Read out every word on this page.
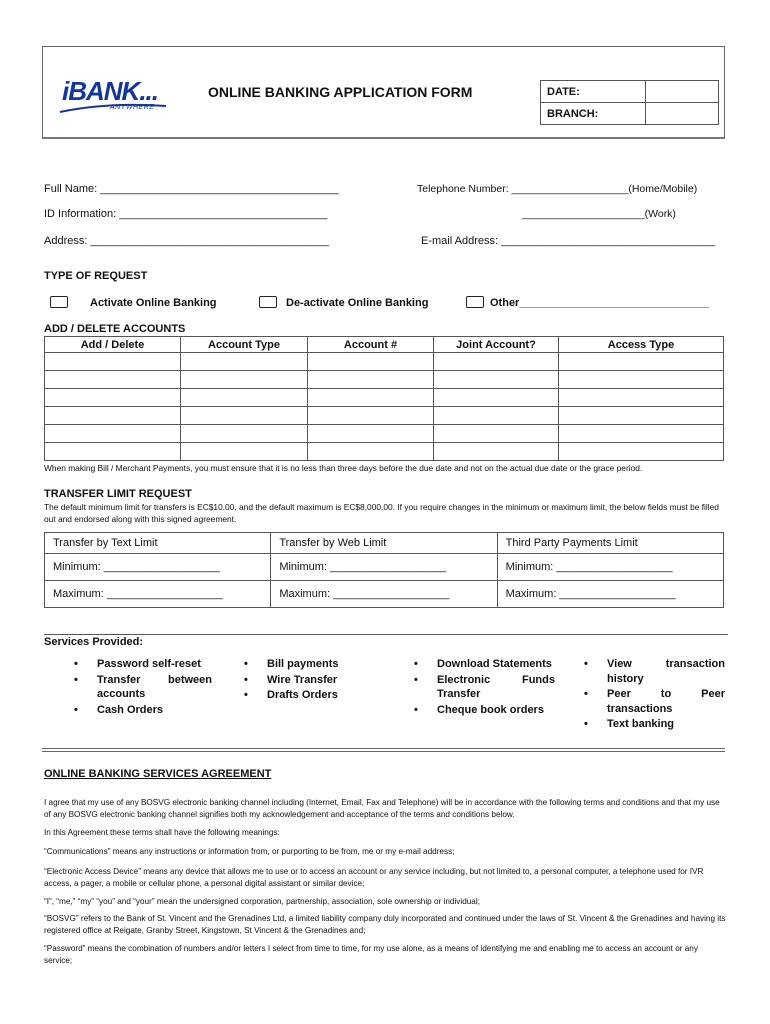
iBANK...
ANYWHERE
ONLINE BANKING APPLICATION FORM	DATE:	
BRANCH:	
Full Name: _______________________________________	Telephone Number: ____________________(Home/Mobile)
ID Information: __________________________________	_____________________(Work)
Address: _______________________________________	E-mail Address: ___________________________________
TYPE OF REQUEST
Activate Online Banking	De-activate Online Banking	Other_______________________________
ADD / DELETE ACCOUNTS
Add / Delete	Account Type	Account #	Joint Account?	Access Type

When making Bill / Merchant Payments, you must ensure that it is no less than three days before the due date and not on the actual due date or the grace period.
TRANSFER LIMIT REQUEST
The default minimum limit for transfers is EC$10.00, and the default maximum is EC$8,000.00. If you require changes in the minimum or maximum limit, the below fields must be filled out and endorsed along with this signed agreement.
Transfer by Text Limit	Transfer by Web Limit	Third Party Payments Limit
Minimum: ___________________	Minimum: ___________________	Minimum: ___________________
Maximum: ___________________	Maximum: ___________________	Maximum: ___________________
Services Provided:
• Password self-reset
• Transfer between accounts
• Cash Orders
• Bill payments
• Wire Transfer
• Drafts Orders
• Download Statements
• Electronic Funds Transfer
• Cheque book orders
• View transaction history
• Peer to Peer transactions
• Text banking
ONLINE BANKING SERVICES AGREEMENT
I agree that my use of any BOSVG electronic banking channel including (Internet, Email, Fax and Telephone) will be in accordance with the following terms and conditions and that my use of any BOSVG electronic banking channel signifies both my acknowledgement and acceptance of the terms and conditions below.
In this Agreement these terms shall have the following meanings:
“Communications” means any instructions or information from, or purporting to be from, me or my e-mail address;
“Electronic Access Device” means any device that allows me to use or to access an account or any service including, but not limited to, a personal computer, a telephone used for IVR access, a pager, a mobile or cellular phone, a personal digital assistant or similar device;
“I”, “me,” “my” “you” and “your” mean the undersigned corporation, partnership, association, sole ownership or individual;
“BOSVG” refers to the Bank of St. Vincent and the Grenadines Ltd, a limited liability company duly incorporated and continued under the laws of St. Vincent & the Grenadines and having its registered office at Reigate, Granby Street, Kingstown, St Vincent & the Grenadines and;
“Password” means the combination of numbers and/or letters I select from time to time, for my use alone, as a means of identifying me and enabling me to access an account or any service;
